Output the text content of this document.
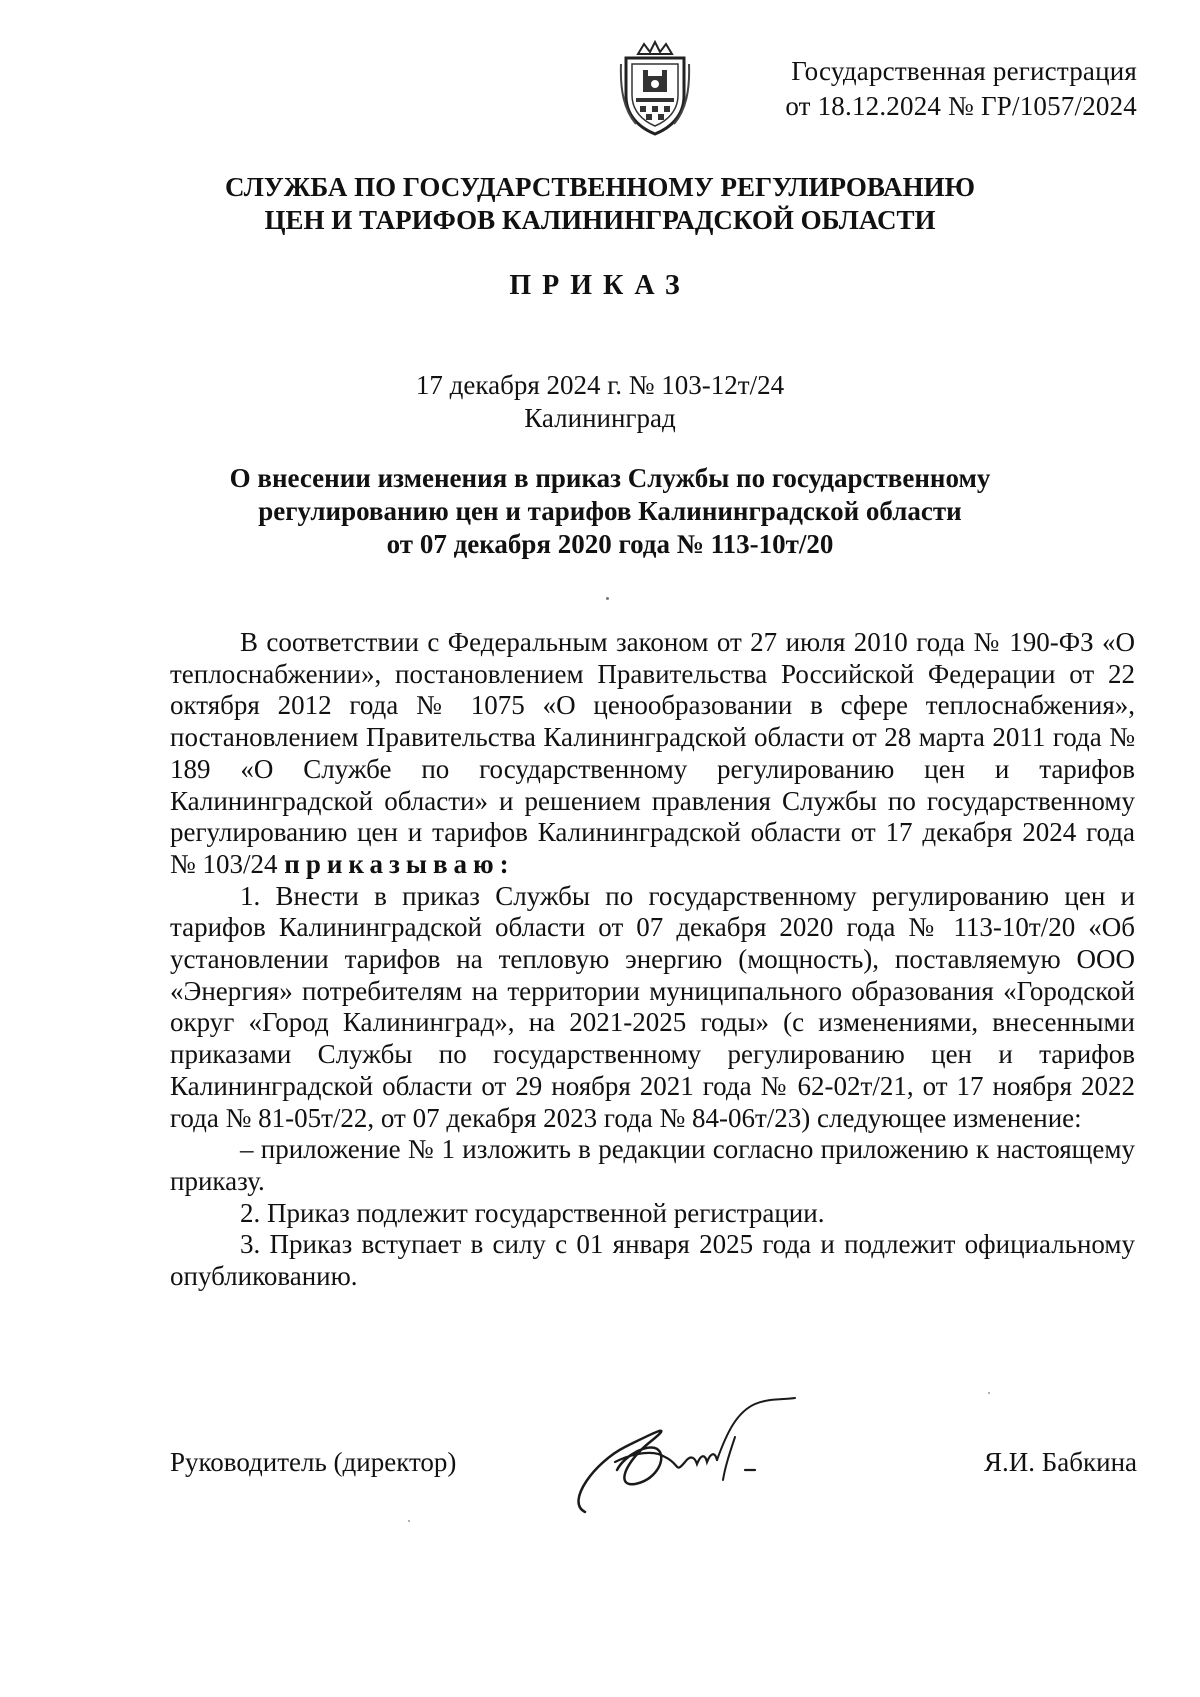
Государственная регистрация
от 18.12.2024 № ГР/1057/2024
СЛУЖБА ПО ГОСУДАРСТВЕННОМУ РЕГУЛИРОВАНИЮ
ЦЕН И ТАРИФОВ КАЛИНИНГРАДСКОЙ ОБЛАСТИ
ПРИКАЗ
17 декабря 2024 г. № 103-12т/24
Калининград
О внесении изменения в приказ Службы по государственному
регулированию цен и тарифов Калининградской области
от 07 декабря 2020 года № 113-10т/20

В соответствии с Федеральным законом от 27 июля 2010 года № 190-ФЗ «О теплоснабжении», постановлением Правительства Российской Федерации от 22 октября 2012 года № 1075 «О ценообразовании в сфере теплоснабжения», постановлением Правительства Калининградской области от 28 марта 2011 года № 189 «О Службе по государственному регулированию цен и тарифов Калининградской области» и решением правления Службы по государственному регулированию цен и тарифов Калининградской области от 17 декабря 2024 года № 103/24 приказываю:

1. Внести в приказ Службы по государственному регулированию цен и тарифов Калининградской области от 07 декабря 2020 года № 113-10т/20 «Об установлении тарифов на тепловую энергию (мощность), поставляемую ООО «Энергия» потребителям на территории муниципального образования «Городской округ «Город Калининград», на 2021-2025 годы» (с изменениями, внесенными приказами Службы по государственному регулированию цен и тарифов Калининградской области от 29 ноября 2021 года № 62-02т/21, от 17 ноября 2022 года № 81-05т/22, от 07 декабря 2023 года № 84-06т/23) следующее изменение:

– приложение № 1 изложить в редакции согласно приложению к настоящему приказу.

2. Приказ подлежит государственной регистрации.

3. Приказ вступает в силу с 01 января 2025 года и подлежит официальному опубликованию.

Руководитель (директор)	Я.И. Бабкина
